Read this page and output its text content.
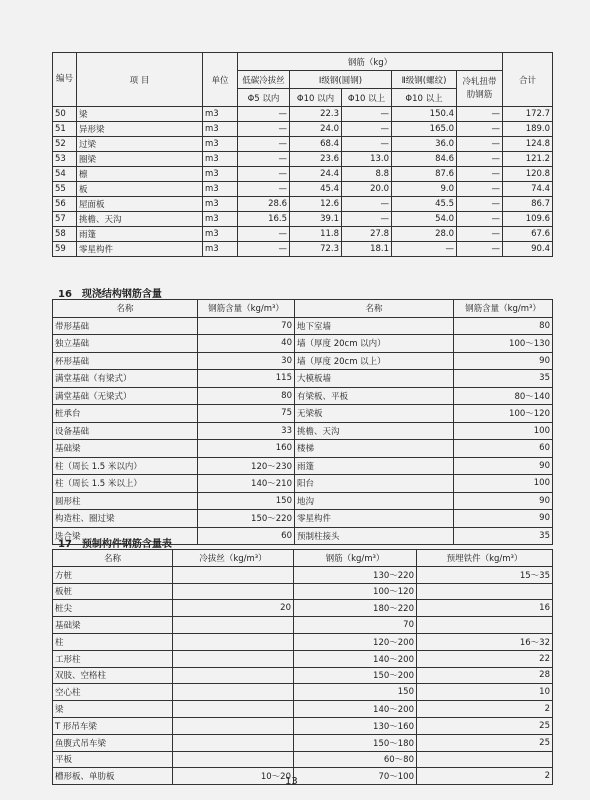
编号	项 目	单位	钢筋（kg）					合计
			低碳冷拔丝	Ⅰ级钢(圆钢)		Ⅱ级钢(螺纹)	冷轧扭带肋钢筋	
			Φ5 以内	Φ10 以内	Φ10 以上	Φ10 以上		
50	梁	m3	—	22.3	—	150.4	—	172.7
51	异形梁	m3	—	24.0	—	165.0	—	189.0
52	过梁	m3	—	68.4	—	36.0	—	124.8
53	圈梁	m3	—	23.6	13.0	84.6	—	121.2
54	檩	m3	—	24.4	8.8	87.6	—	120.8
55	板	m3	—	45.4	20.0	9.0	—	74.4
56	屋面板	m3	28.6	12.6	—	45.5	—	86.7
57	挑檐、天沟	m3	16.5	39.1	—	54.0	—	109.6
58	雨篷	m3	—	11.8	27.8	28.0	—	67.6
59	零星构件	m3	—	72.3	18.1	—	—	90.4
16　现浇结构钢筋含量
名称	钢筋含量（kg/m³）	名称	钢筋含量（kg/m³）
带形基础	70	地下室墙	80
独立基础	40	墙（厚度 20cm 以内）	100～130
杯形基础	30	墙（厚度 20cm 以上）	90
满堂基础（有梁式）	115	大模板墙	35
满堂基础（无梁式）	80	有梁板、平板	80～140
桩承台	75	无梁板	100～120
设备基础	33	挑檐、天沟	100
基础梁	160	楼梯	60
柱（周长 1.5 米以内）	120～230	雨篷	90
柱（周长 1.5 米以上）	140～210	阳台	100
圆形柱	150	地沟	90
构造柱、圈过梁	150～220	零星构件	90
选合梁	60	预制柱接头	35
17　预制构件钢筋含量表
名称	冷拔丝（kg/m³）	钢筋（kg/m³）	预埋铁件（kg/m³）
方桩		130～220	15～35
板桩		100～120	
桩尖	20	180～220	16
基础梁		70	
柱		120～200	16～32
工形柱		140～200	22
双肢、空格柱		150～200	28
空心柱		150	10
梁		140～200	2
T 形吊车梁		130～160	25
鱼腹式吊车梁		150～180	25
平板		60～80	
槽形板、单肋板	10～20	70～100	2
13
